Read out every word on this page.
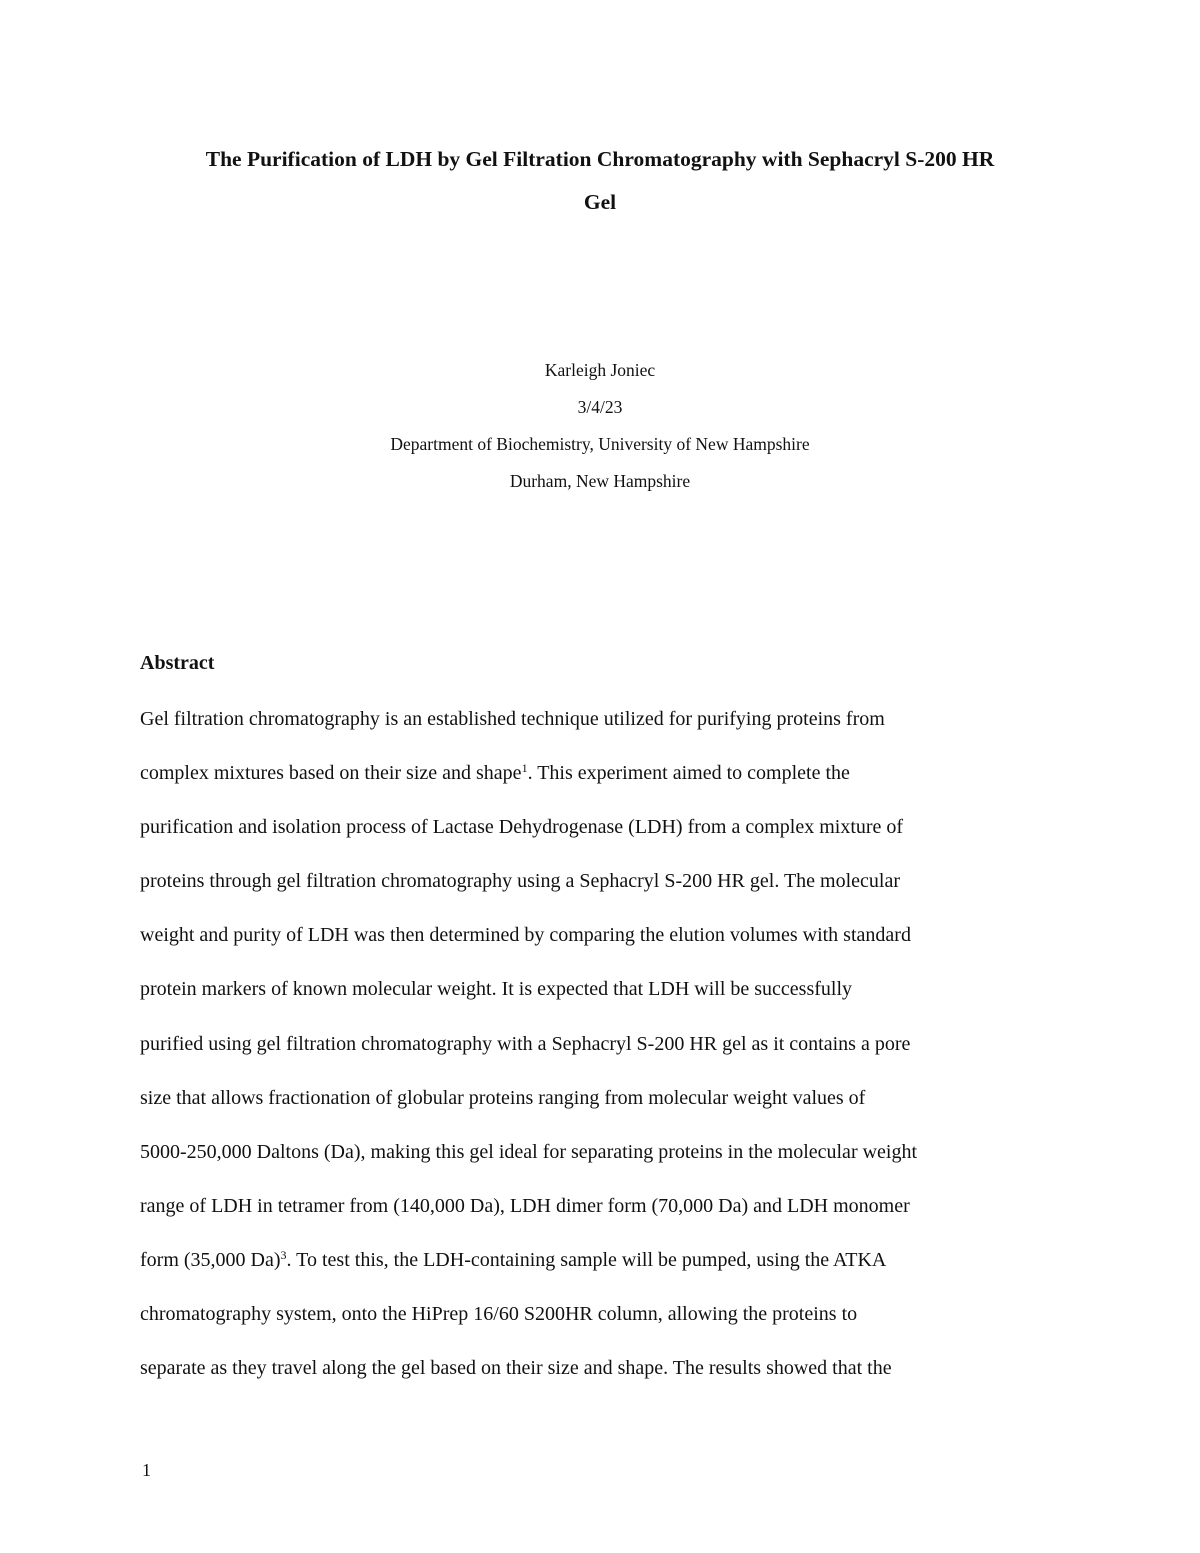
The Purification of LDH by Gel Filtration Chromatography with Sephacryl S-200 HR
Gel
Karleigh Joniec
3/4/23
Department of Biochemistry, University of New Hampshire
Durham, New Hampshire
Abstract
Gel filtration chromatography is an established technique utilized for purifying proteins from
complex mixtures based on their size and shape$^1$. This experiment aimed to complete the
purification and isolation process of Lactase Dehydrogenase (LDH) from a complex mixture of
proteins through gel filtration chromatography using a Sephacryl S-200 HR gel. The molecular
weight and purity of LDH was then determined by comparing the elution volumes with standard
protein markers of known molecular weight. It is expected that LDH will be successfully
purified using gel filtration chromatography with a Sephacryl S-200 HR gel as it contains a pore
size that allows fractionation of globular proteins ranging from molecular weight values of
5000-250,000 Daltons (Da), making this gel ideal for separating proteins in the molecular weight
range of LDH in tetramer from (140,000 Da), LDH dimer form (70,000 Da) and LDH monomer
form (35,000 Da)$^3$. To test this, the LDH-containing sample will be pumped, using the ATKA
chromatography system, onto the HiPrep 16/60 S200HR column, allowing the proteins to
separate as they travel along the gel based on their size and shape. The results showed that the
1
